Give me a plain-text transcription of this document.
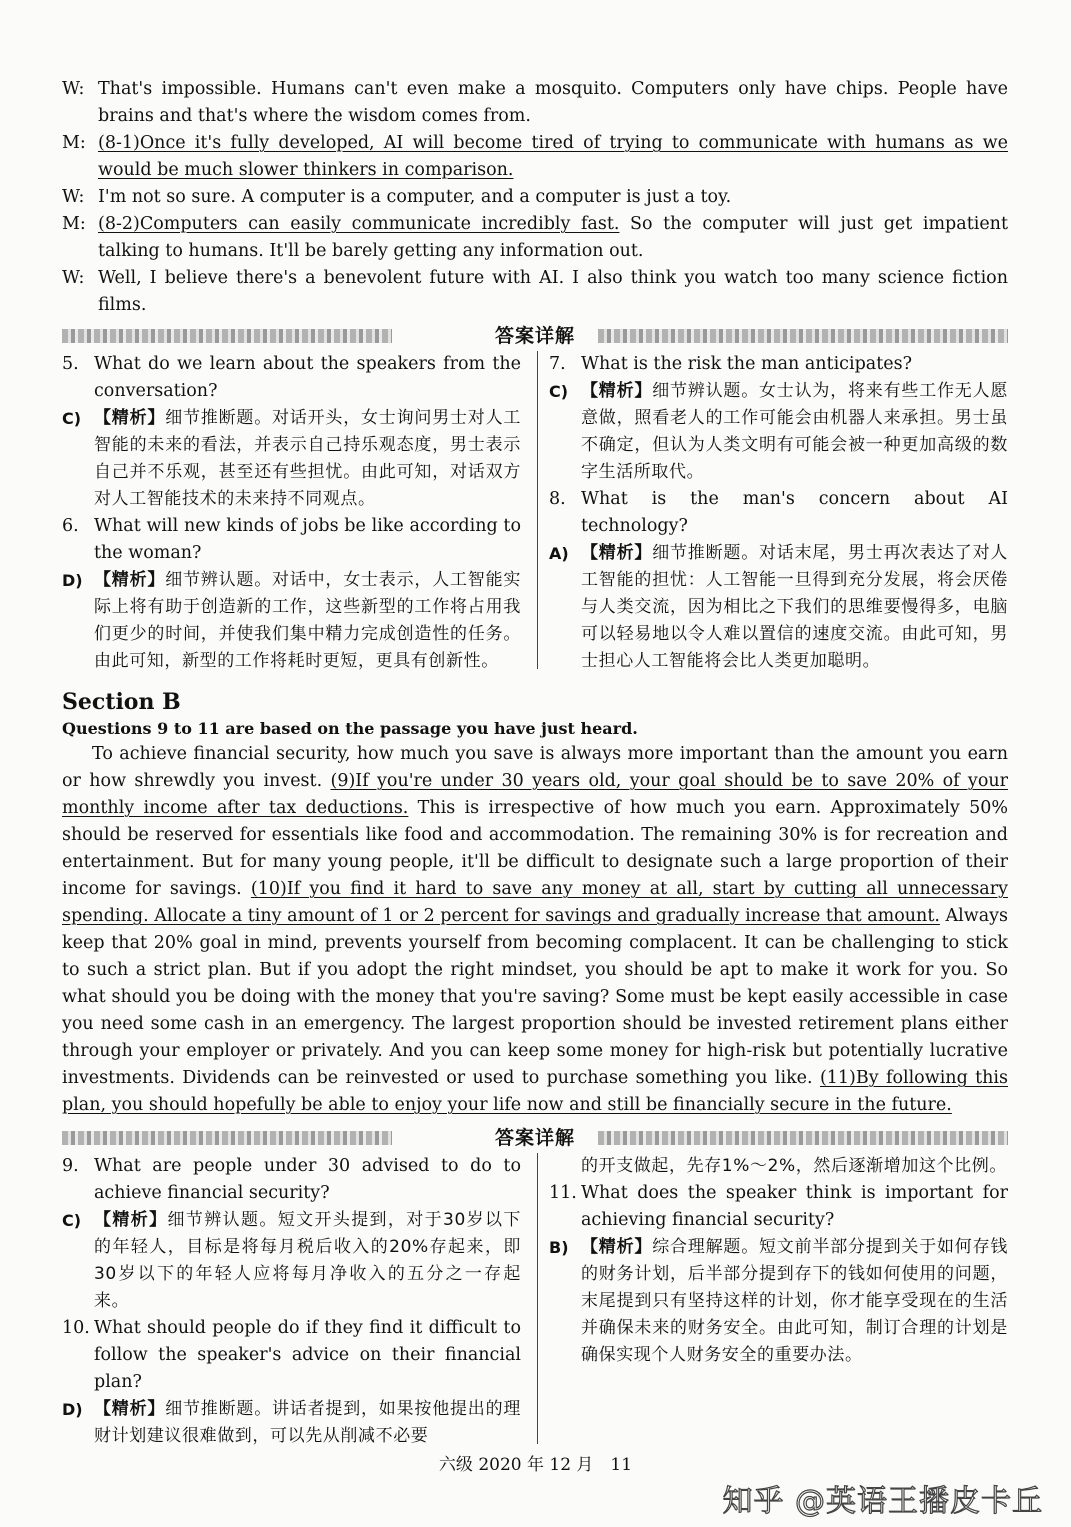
W: That's impossible. Humans can't even make a mosquito. Computers only have chips. People have brains and that's where the wisdom comes from.
M: (8-1)Once it's fully developed, AI will become tired of trying to communicate with humans as we would be much slower thinkers in comparison.
W: I'm not so sure. A computer is a computer, and a computer is just a toy.
M: (8-2)Computers can easily communicate incredibly fast. So the computer will just get impatient talking to humans. It'll be barely getting any information out.
W: Well, I believe there's a benevolent future with AI. I also think you watch too many science fiction films.
答案详解
5. What do we learn about the speakers from the conversation?
C) 【精析】细节推断题。对话开头，女士询问男士对人工智能的未来的看法，并表示自己持乐观态度，男士表示自己并不乐观，甚至还有些担忧。由此可知，对话双方对人工智能技术的未来持不同观点。
6. What will new kinds of jobs be like according to the woman?
D) 【精析】细节辨认题。对话中，女士表示，人工智能实际上将有助于创造新的工作，这些新型的工作将占用我们更少的时间，并使我们集中精力完成创造性的任务。由此可知，新型的工作将耗时更短，更具有创新性。
7. What is the risk the man anticipates?
C) 【精析】细节辨认题。女士认为，将来有些工作无人愿意做，照看老人的工作可能会由机器人来承担。男士虽不确定，但认为人类文明有可能会被一种更加高级的数字生活所取代。
8. What is the man's concern about AI technology?
A) 【精析】细节推断题。对话末尾，男士再次表达了对人工智能的担忧：人工智能一旦得到充分发展，将会厌倦与人类交流，因为相比之下我们的思维要慢得多，电脑可以轻易地以令人难以置信的速度交流。由此可知，男士担心人工智能将会比人类更加聪明。
Section B
Questions 9 to 11 are based on the passage you have just heard.
To achieve financial security, how much you save is always more important than the amount you earn or how shrewdly you invest. (9)If you're under 30 years old, your goal should be to save 20% of your monthly income after tax deductions. This is irrespective of how much you earn. Approximately 50% should be reserved for essentials like food and accommodation. The remaining 30% is for recreation and entertainment. But for many young people, it'll be difficult to designate such a large proportion of their income for savings. (10)If you find it hard to save any money at all, start by cutting all unnecessary spending. Allocate a tiny amount of 1 or 2 percent for savings and gradually increase that amount. Always keep that 20% goal in mind, prevents yourself from becoming complacent. It can be challenging to stick to such a strict plan. But if you adopt the right mindset, you should be apt to make it work for you. So what should you be doing with the money that you're saving? Some must be kept easily accessible in case you need some cash in an emergency. The largest proportion should be invested retirement plans either through your employer or privately. And you can keep some money for high-risk but potentially lucrative investments. Dividends can be reinvested or used to purchase something you like. (11)By following this plan, you should hopefully be able to enjoy your life now and still be financially secure in the future.
答案详解
9. What are people under 30 advised to do to achieve financial security?
C) 【精析】细节辨认题。短文开头提到，对于30岁以下的年轻人，目标是将每月税后收入的20%存起来，即30岁以下的年轻人应将每月净收入的五分之一存起来。
10. What should people do if they find it difficult to follow the speaker's advice on their financial plan?
D) 【精析】细节推断题。讲话者提到，如果按他提出的理财计划建议很难做到，可以先从削减不必要
的开支做起，先存1%～2%，然后逐渐增加这个比例。
11. What does the speaker think is important for achieving financial security?
B) 【精析】综合理解题。短文前半部分提到关于如何存钱的财务计划，后半部分提到存下的钱如何使用的问题，末尾提到只有坚持这样的计划，你才能享受现在的生活并确保未来的财务安全。由此可知，制订合理的计划是确保实现个人财务安全的重要办法。
六级 2020 年 12 月　11
知乎 @英语王播皮卡丘
